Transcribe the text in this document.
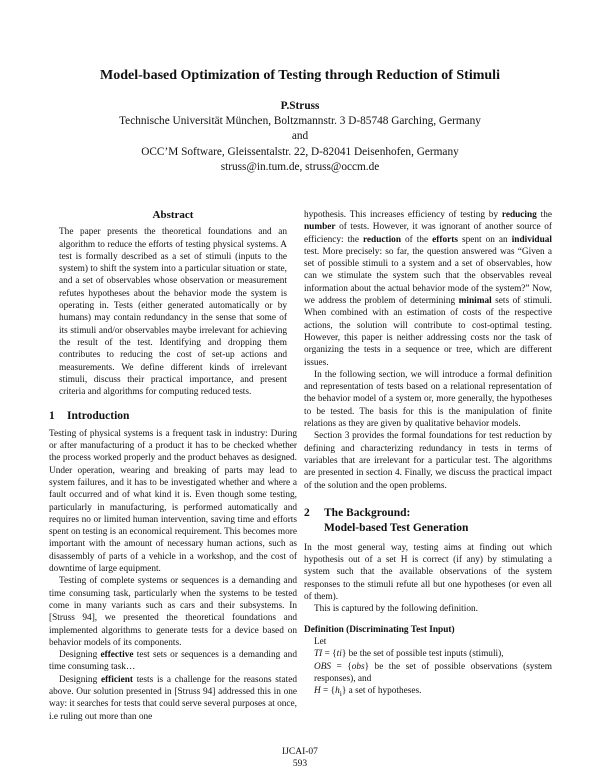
Model-based Optimization of Testing through Reduction of Stimuli
P.Struss
Technische Universität München, Boltzmannstr. 3 D-85748 Garching, Germany
and
OCC’M Software, Gleissentalstr. 22, D-82041 Deisenhofen, Germany
struss@in.tum.de, struss@occm.de
Abstract

The paper presents the theoretical foundations and an algorithm to reduce the efforts of testing physical systems. A test is formally described as a set of stimuli (inputs to the system) to shift the system into a particular situation or state, and a set of observables whose observation or measurement refutes hypotheses about the behavior mode the system is operating in. Tests (either generated automatically or by humans) may contain redundancy in the sense that some of its stimuli and/or observables maybe irrelevant for achieving the result of the test. Identifying and dropping them contributes to reducing the cost of set-up actions and measurements. We define different kinds of irrelevant stimuli, discuss their practical importance, and present criteria and algorithms for computing reduced tests.

1 Introduction

Testing of physical systems is a frequent task in industry: During or after manufacturing of a product it has to be checked whether the process worked properly and the product behaves as designed. Under operation, wearing and breaking of parts may lead to system failures, and it has to be investigated whether and where a fault occurred and of what kind it is. Even though some testing, particularly in manufacturing, is performed automatically and requires no or limited human intervention, saving time and efforts spent on testing is an economical requirement. This becomes more important with the amount of necessary human actions, such as disassembly of parts of a vehicle in a workshop, and the cost of downtime of large equipment.

Testing of complete systems or sequences is a demanding and time consuming task, particularly when the systems to be tested come in many variants such as cars and their subsystems. In [Struss 94], we presented the theoretical foundations and implemented algorithms to generate tests for a device based on behavior models of its components.

Designing effective test sets or sequences is a demanding and time consuming task…

Designing efficient tests is a challenge for the reasons stated above. Our solution presented in [Struss 94] addressed this in one way: it searches for tests that could serve several purposes at once, i.e ruling out more than one

hypothesis. This increases efficiency of testing by reducing the number of tests. However, it was ignorant of another source of efficiency: the reduction of the efforts spent on an individual test. More precisely: so far, the question answered was “Given a set of possible stimuli to a system and a set of observables, how can we stimulate the system such that the observables reveal information about the actual behavior mode of the system?” Now, we address the problem of determining minimal sets of stimuli. When combined with an estimation of costs of the respective actions, the solution will contribute to cost-optimal testing. However, this paper is neither addressing costs nor the task of organizing the tests in a sequence or tree, which are different issues.

In the following section, we will introduce a formal definition and representation of tests based on a relational representation of the behavior model of a system or, more generally, the hypotheses to be tested. The basis for this is the manipulation of finite relations as they are given by qualitative behavior models.

Section 3 provides the formal foundations for test reduction by defining and characterizing redundancy in tests in terms of variables that are irrelevant for a particular test. The algorithms are presented in section 4. Finally, we discuss the practical impact of the solution and the open problems.

2 The Background:
Model-based Test Generation

In the most general way, testing aims at finding out which hypothesis out of a set H is correct (if any) by stimulating a system such that the available observations of the system responses to the stimuli refute all but one hypotheses (or even all of them).

This is captured by the following definition.

Definition (Discriminating Test Input)
Let
TI = {ti} be the set of possible test inputs (stimuli),
OBS = {obs} be the set of possible observations (system responses), and
$H = \{h_i\}$ a set of hypotheses.
IJCAI-07
593
